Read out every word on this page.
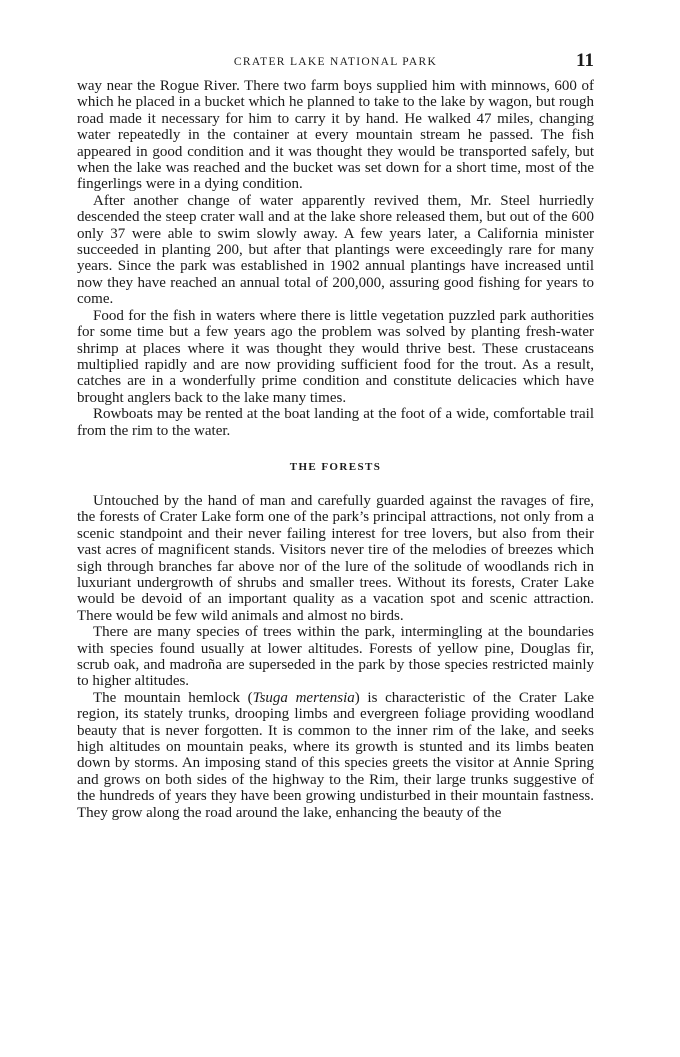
CRATER LAKE NATIONAL PARK	11

way near the Rogue River. There two farm boys supplied him with minnows, 600 of which he placed in a bucket which he planned to take to the lake by wagon, but rough road made it necessary for him to carry it by hand. He walked 47 miles, changing water repeatedly in the container at every mountain stream he passed. The fish appeared in good condition and it was thought they would be transported safely, but when the lake was reached and the bucket was set down for a short time, most of the fingerlings were in a dying condition.

After another change of water apparently revived them, Mr. Steel hurriedly descended the steep crater wall and at the lake shore released them, but out of the 600 only 37 were able to swim slowly away. A few years later, a California minister succeeded in planting 200, but after that plantings were exceedingly rare for many years. Since the park was established in 1902 annual plantings have increased until now they have reached an annual total of 200,000, assuring good fishing for years to come.

Food for the fish in waters where there is little vegetation puzzled park authorities for some time but a few years ago the problem was solved by planting fresh-water shrimp at places where it was thought they would thrive best. These crustaceans multiplied rapidly and are now providing sufficient food for the trout. As a result, catches are in a wonderfully prime condition and constitute delicacies which have brought anglers back to the lake many times.

Rowboats may be rented at the boat landing at the foot of a wide, comfortable trail from the rim to the water.

THE FORESTS

Untouched by the hand of man and carefully guarded against the ravages of fire, the forests of Crater Lake form one of the park’s principal attractions, not only from a scenic standpoint and their never failing interest for tree lovers, but also from their vast acres of magnificent stands. Visitors never tire of the melodies of breezes which sigh through branches far above nor of the lure of the solitude of woodlands rich in luxuriant undergrowth of shrubs and smaller trees. Without its forests, Crater Lake would be devoid of an important quality as a vacation spot and scenic attraction. There would be few wild animals and almost no birds.

There are many species of trees within the park, intermingling at the boundaries with species found usually at lower altitudes. Forests of yellow pine, Douglas fir, scrub oak, and madroña are superseded in the park by those species restricted mainly to higher altitudes.

The mountain hemlock (Tsuga mertensia) is characteristic of the Crater Lake region, its stately trunks, drooping limbs and evergreen foliage providing woodland beauty that is never forgotten. It is common to the inner rim of the lake, and seeks high altitudes on mountain peaks, where its growth is stunted and its limbs beaten down by storms. An imposing stand of this species greets the visitor at Annie Spring and grows on both sides of the highway to the Rim, their large trunks suggestive of the hundreds of years they have been growing undisturbed in their mountain fastness. They grow along the road around the lake, enhancing the beauty of the
